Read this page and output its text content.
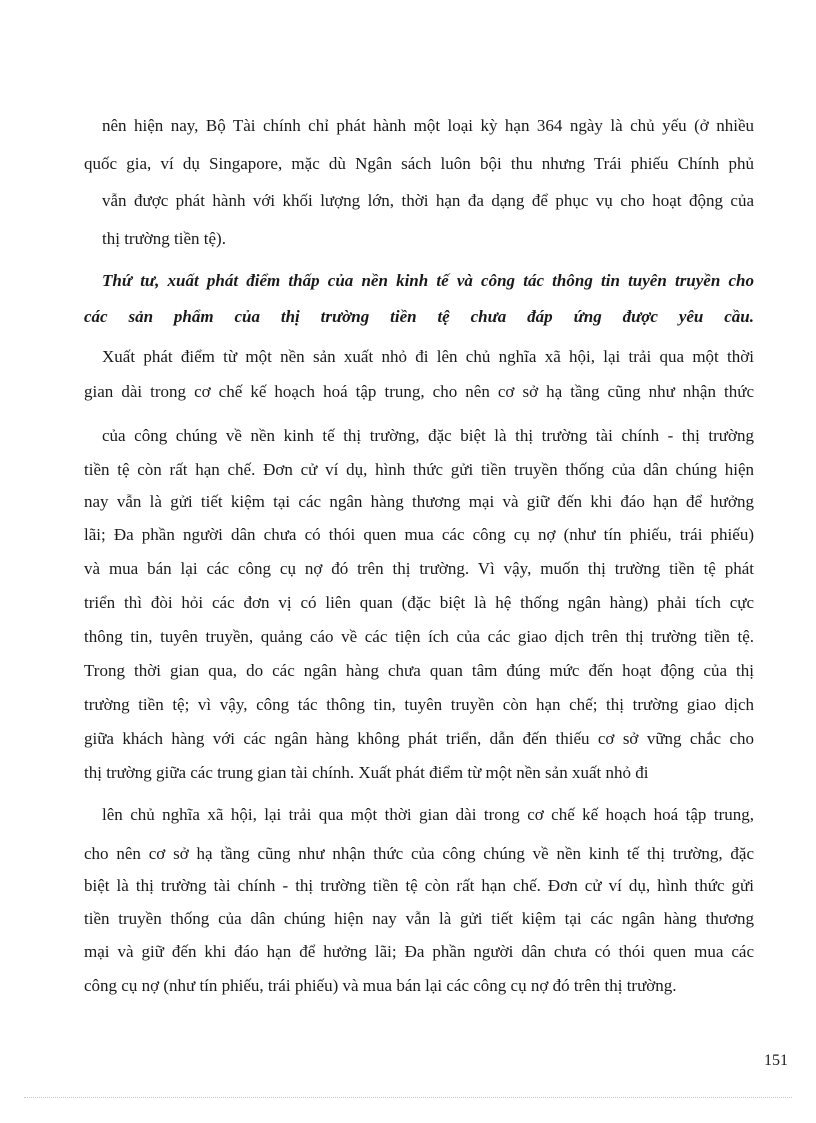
nên hiện nay, Bộ Tài chính chỉ phát hành một loại kỳ hạn 364 ngày là chủ yếu (ở nhiều
quốc gia, ví dụ Singapore, mặc dù Ngân sách luôn bội thu nhưng Trái phiếu Chính phủ
vẫn được phát hành với khối lượng lớn, thời hạn đa dạng để phục vụ cho hoạt động của
thị trường tiền tệ).
Thứ tư, xuất phát điểm thấp của nền kinh tế và công tác thông tin tuyên truyền cho
các sản phẩm của thị trường tiền tệ chưa đáp ứng được yêu cầu.
Xuất phát điểm từ một nền sản xuất nhỏ đi lên chủ nghĩa xã hội, lại trải qua một thời
gian dài trong cơ chế kế hoạch hoá tập trung, cho nên cơ sở hạ tầng cũng như nhận thức
của công chúng về nền kinh tế thị trường, đặc biệt là thị trường tài chính - thị trường
tiền tệ còn rất hạn chế. Đơn cử ví dụ, hình thức gửi tiền truyền thống của dân chúng hiện
nay vẫn là gửi tiết kiệm tại các ngân hàng thương mại và giữ đến khi đáo hạn để hưởng
lãi; Đa phần người dân chưa có thói quen mua các công cụ nợ (như tín phiếu, trái phiếu)
và mua bán lại các công cụ nợ đó trên thị trường. Vì vậy, muốn thị trường tiền tệ phát
triển thì đòi hỏi các đơn vị có liên quan (đặc biệt là hệ thống ngân hàng) phải tích cực
thông tin, tuyên truyền, quảng cáo về các tiện ích của các giao dịch trên thị trường tiền tệ.
Trong thời gian qua, do các ngân hàng chưa quan tâm đúng mức đến hoạt động của thị
trường tiền tệ; vì vậy, công tác thông tin, tuyên truyền còn hạn chế; thị trường giao dịch
giữa khách hàng với các ngân hàng không phát triển, dẫn đến thiếu cơ sở vững chắc cho
thị trường giữa các trung gian tài chính. Xuất phát điểm từ một nền sản xuất nhỏ đi
lên chủ nghĩa xã hội, lại trải qua một thời gian dài trong cơ chế kế hoạch hoá tập trung,
cho nên cơ sở hạ tầng cũng như nhận thức của công chúng về nền kinh tế thị trường, đặc
biệt là thị trường tài chính - thị trường tiền tệ còn rất hạn chế. Đơn cử ví dụ, hình thức gửi
tiền truyền thống của dân chúng hiện nay vẫn là gửi tiết kiệm tại các ngân hàng thương
mại và giữ đến khi đáo hạn để hưởng lãi; Đa phần người dân chưa có thói quen mua các
công cụ nợ (như tín phiếu, trái phiếu) và mua bán lại các công cụ nợ đó trên thị trường.
151
